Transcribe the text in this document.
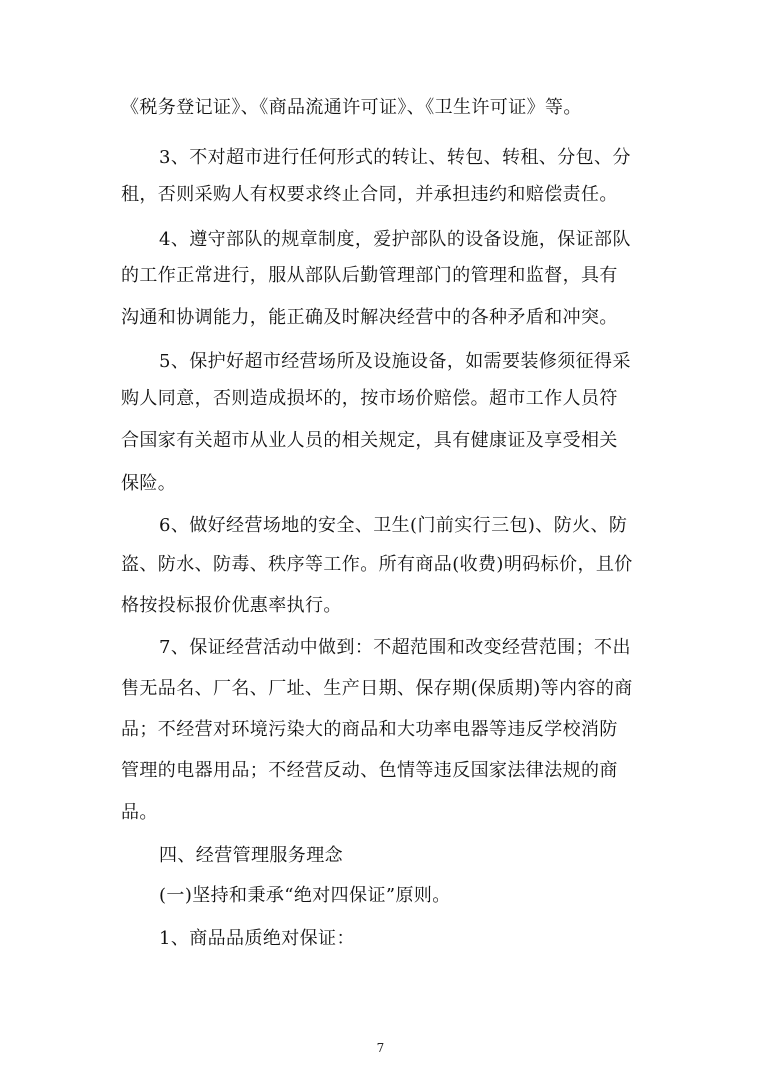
《税务登记证》、《商品流通许可证》、《卫生许可证》等。
3、不对超市进行任何形式的转让、转包、转租、分包、分
租，否则采购人有权要求终止合同，并承担违约和赔偿责任。
4、遵守部队的规章制度，爱护部队的设备设施，保证部队
的工作正常进行，服从部队后勤管理部门的管理和监督，具有
沟通和协调能力，能正确及时解决经营中的各种矛盾和冲突。
5、保护好超市经营场所及设施设备，如需要装修须征得采
购人同意，否则造成损坏的，按市场价赔偿。超市工作人员符
合国家有关超市从业人员的相关规定，具有健康证及享受相关
保险。
6、做好经营场地的安全、卫生(门前实行三包)、防火、防
盗、防水、防毒、秩序等工作。所有商品(收费)明码标价，且价
格按投标报价优惠率执行。
7、保证经营活动中做到：不超范围和改变经营范围；不出
售无品名、厂名、厂址、生产日期、保存期(保质期)等内容的商
品；不经营对环境污染大的商品和大功率电器等违反学校消防
管理的电器用品；不经营反动、色情等违反国家法律法规的商
品。
四、经营管理服务理念
(一)坚持和秉承“绝对四保证”原则。
1、商品品质绝对保证：
7
